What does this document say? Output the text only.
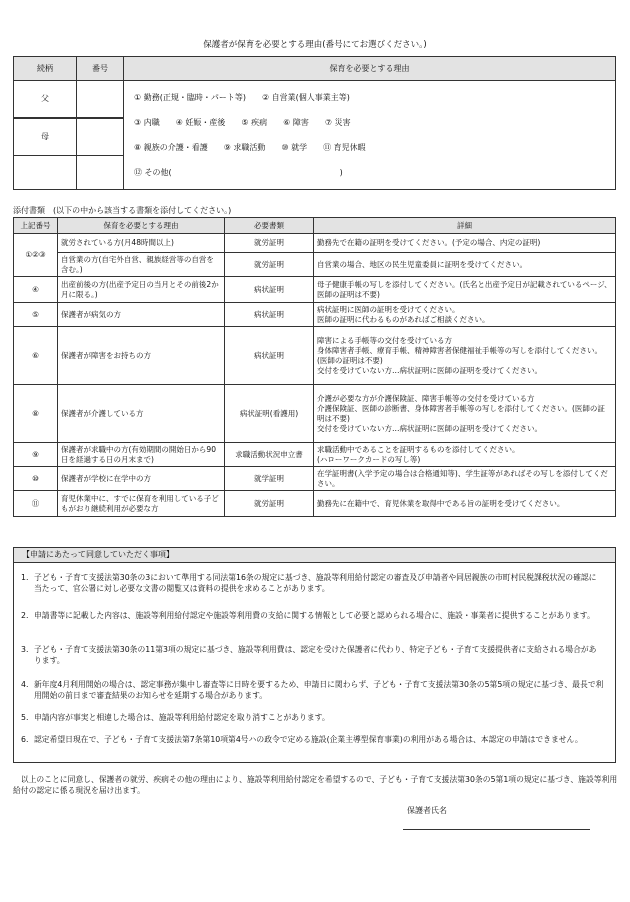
保護者が保育を必要とする理由(番号にてお選びください。)
続柄	番号	保育を必要とする理由
父		① 勤務(正規・臨時・パート等)　　② 自営業(個人事業主等)
③ 内職　　④ 妊娠・産後　　⑤ 疾病　　⑥ 障害　　⑦ 災害
⑧ 親族の介護・看護　　⑨ 求職活動　　⑩ 就学　　⑪ 育児休暇
⑫ その他(　　　　　　　　　　　　　　　　　　　　　)

母		

添付書類　(以下の中から該当する書類を添付してください。)
上記番号	保育を必要とする理由	必要書類	詳細
①②③	就労されている方(月48時間以上)	就労証明	勤務先で在籍の証明を受けてください。(予定の場合、内定の証明)
	自営業の方(自宅外自営、親族経営等の自営を含む。)	就労証明	自営業の場合、地区の民生児童委員に証明を受けてください。
④	出産前後の方(出産予定日の当月とその前後2か月に限る。)	病状証明	母子健康手帳の写しを添付してください。(氏名と出産予定日が記載されているページ、医師の証明は不要)
⑤	保護者が病気の方	病状証明	病状証明に医師の証明を受けてください。
医師の証明に代わるものがあればご相談ください。
⑥	保護者が障害をお持ちの方	病状証明	障害による手帳等の交付を受けている方
身体障害者手帳、療育手帳、精神障害者保健福祉手帳等の写しを添付してください。(医師の証明は不要)
交付を受けていない方…病状証明に医師の証明を受けてください。
⑧	保護者が介護している方	病状証明(看護用)	介護が必要な方が介護保険証、障害手帳等の交付を受けている方
介護保険証、医師の診断書、身体障害者手帳等の写しを添付してください。(医師の証明は不要)
交付を受けていない方…病状証明に医師の証明を受けてください。
⑨	保護者が求職中の方(有効期間の開始日から90日を経過する日の月末まで)	求職活動状況申立書	求職活動中であることを証明するものを添付してください。
(ハローワークカードの写し等)
⑩	保護者が学校に在学中の方	就学証明	在学証明書(入学予定の場合は合格通知等)、学生証等があればその写しを添付してください。
⑪	育児休業中に、すでに保育を利用している子どもがおり継続利用が必要な方	就労証明	勤務先に在籍中で、育児休業を取得中である旨の証明を受けてください。
【申請にあたって同意していただく事項】
1. 子ども・子育て支援法第30条の3において準用する同法第16条の規定に基づき、施設等利用給付認定の審査及び申請者や同居親族の市町村民税課税状況の確認に当たって、官公署に対し必要な文書の閲覧又は資料の提供を求めることがあります。
2. 申請書等に記載した内容は、施設等利用給付認定や施設等利用費の支給に関する情報として必要と認められる場合に、施設・事業者に提供することがあります。
3. 子ども・子育て支援法第30条の11第3項の規定に基づき、施設等利用費は、認定を受けた保護者に代わり、特定子ども・子育て支援提供者に支給される場合があります。
4. 新年度4月利用開始の場合は、認定事務が集中し審査等に日時を要するため、申請日に関わらず、子ども・子育て支援法第30条の5第5項の規定に基づき、最長で利用開始の前日まで審査結果のお知らせを延期する場合があります。
5. 申請内容が事実と相違した場合は、施設等利用給付認定を取り消すことがあります。
6. 認定希望日現在で、子ども・子育て支援法第7条第10項第4号ハの政令で定める施設(企業主導型保育事業)の利用がある場合は、本認定の申請はできません。
以上のことに同意し、保護者の就労、疾病その他の理由により、施設等利用給付認定を希望するので、子ども・子育て支援法第30条の5第1項の規定に基づき、施設等利用給付の認定に係る現況を届け出ます。
保護者氏名
